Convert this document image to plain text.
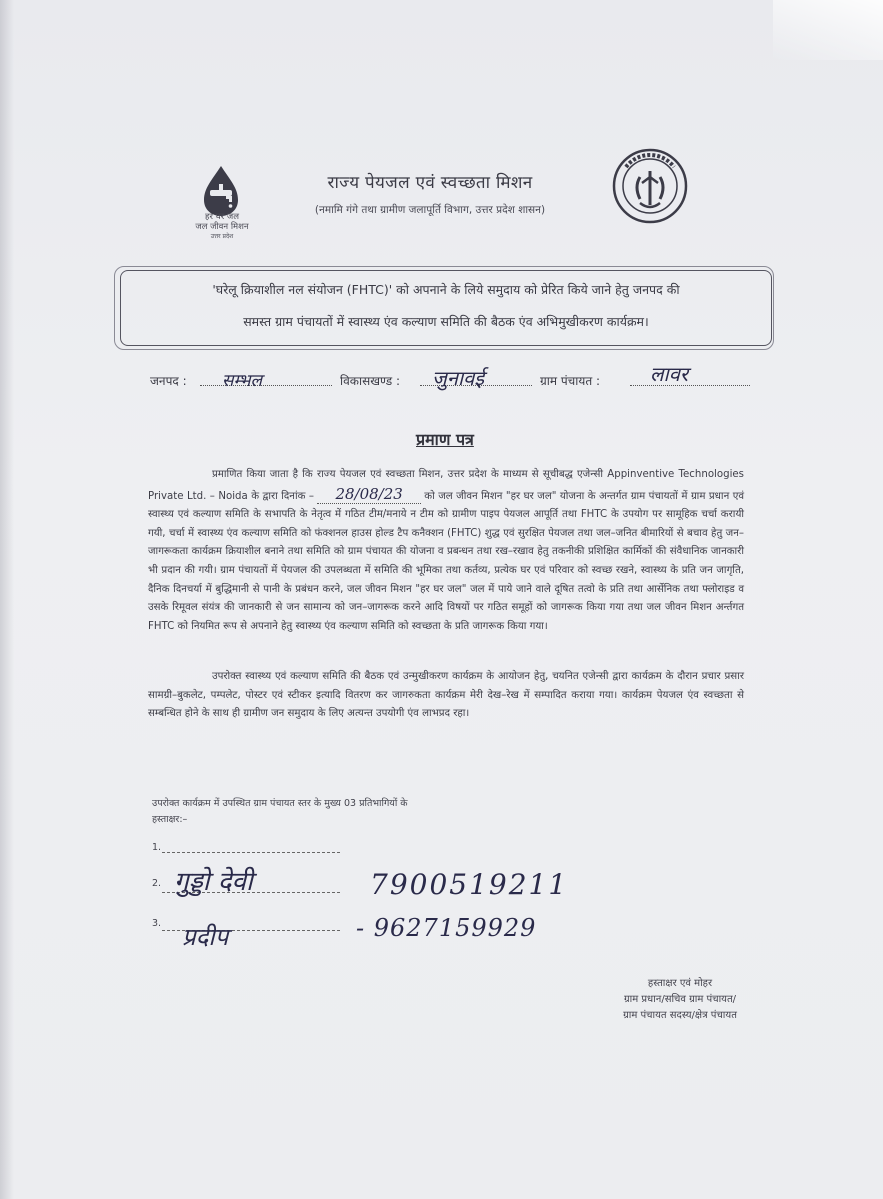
हर घर जल
जल जीवन मिशन
उत्तर प्रदेश
राज्य पेयजल एवं स्वच्छता मिशन
(नमामि गंगे तथा ग्रामीण जलापूर्ति विभाग, उत्तर प्रदेश शासन)

'घरेलू क्रियाशील नल संयोजन (FHTC)' को अपनाने के लिये समुदाय को प्रेरित किये जाने हेतु जनपद की

समस्त ग्राम पंचायतों में स्वास्थ्य एंव कल्याण समिति की बैठक एंव अभिमुखीकरण कार्यक्रम।

जनपद : सम्भल	विकासखण्ड : जुनावई	ग्राम पंचायत : लावर
प्रमाण पत्र
प्रमाणित किया जाता है कि राज्य पेयजल एवं स्वच्छता मिशन, उत्तर प्रदेश के माध्यम से सूचीबद्ध एजेन्सी Appinventive Technologies Private Ltd. – Noida के द्वारा दिनांक – 28/08/23 को जल जीवन मिशन "हर घर जल" योजना के अन्तर्गत ग्राम पंचायतों में ग्राम प्रधान एवं स्वास्थ्य एवं कल्याण समिति के सभापति के नेतृत्व में गठित टीम/मनाये न टीम को ग्रामीण पाइप पेयजल आपूर्ति तथा FHTC के उपयोग पर सामूहिक चर्चा करायी गयी, चर्चा में स्वास्थ्य एंव कल्याण समिति को फंक्शनल हाउस होल्ड टैप कनैक्शन (FHTC) शुद्ध एवं सुरक्षित पेयजल तथा जल–जनित बीमारियों से बचाव हेतु जन–जागरूकता कार्यक्रम क्रियाशील बनाने तथा समिति को ग्राम पंचायत की योजना व प्रबन्धन तथा रख–रखाव हेतु तकनीकी प्रशिक्षित कार्मिकों की संवैधानिक जानकारी भी प्रदान की गयी। ग्राम पंचायतों में पेयजल की उपलब्धता में समिति की भूमिका तथा कर्तव्य, प्रत्येक घर एवं परिवार को स्वच्छ रखने, स्वास्थ्य के प्रति जन जागृति, दैनिक दिनचर्या में बुद्धिमानी से पानी के प्रबंधन करने, जल जीवन मिशन "हर घर जल" जल में पाये जाने वाले दूषित तत्वो के प्रति तथा आर्सेनिक तथा फ्लोराइड व उसके रिमूवल संयंत्र की जानकारी से जन सामान्य को जन–जागरूक करने आदि विषयों पर गठित समूहों को जागरूक किया गया तथा जल जीवन मिशन अर्न्तगत FHTC को नियमित रूप से अपनाने हेतु स्वास्थ्य एंव कल्याण समिति को स्वच्छता के प्रति जागरूक किया गया।
उपरोक्त स्वास्थ्य एवं कल्याण समिति की बैठक एवं उन्मुखीकरण कार्यक्रम के आयोजन हेतु, चयनित एजेन्सी द्वारा कार्यक्रम के दौरान प्रचार प्रसार सामग्री–बुकलेट, पम्पलेट, पोस्टर एवं स्टीकर इत्यादि वितरण कर जागरुकता कार्यक्रम मेरी देख–रेख में सम्पादित कराया गया। कार्यक्रम पेयजल एंव स्वच्छता से सम्बन्धित होने के साथ ही ग्रामीण जन समुदाय के लिए अत्यन्त उपयोगी एंव लाभप्रद रहा।
उपरोक्त कार्यक्रम में उपस्थित ग्राम पंचायत स्तर के मुख्य 03 प्रतिभागियों के
हस्ताक्षर:–
1.
2. गुड्डो देवी	7900519211
3. प्रदीप	- 9627159929
हस्ताक्षर एवं मोहर
ग्राम प्रधान/सचिव ग्राम पंचायत/
ग्राम पंचायत सदस्य/क्षेत्र पंचायत
